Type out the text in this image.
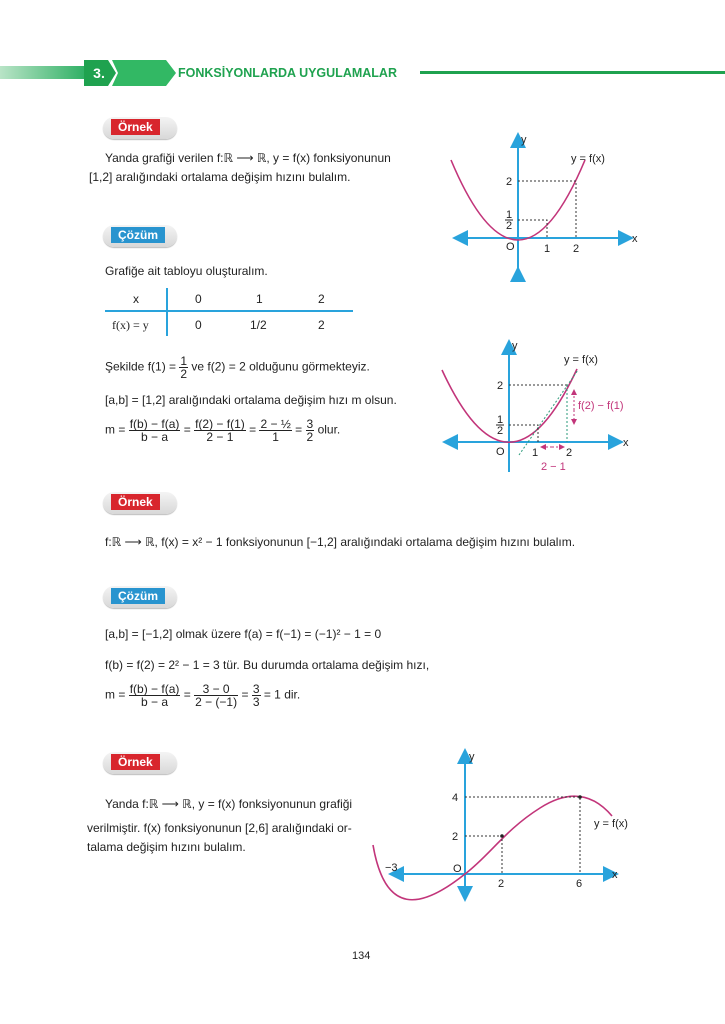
3.	FONKSİYONLARDA UYGULAMALAR
Örnek
Yanda grafiği verilen f:ℝ ⟶ ℝ, y = f(x) fonksiyonunun
[1,2] aralığındaki ortalama değişim hızını bulalım.
Çözüm
Grafiğe ait tabloyu oluşturalım.
x	0	1	2
f(x) = y	0	1/2	2
Şekilde $f(1) = \frac{1}{2}$ ve f(2) = 2 olduğunu görmekteyiz.
[a,b] = [1,2] aralığındaki ortalama değişim hızı m olsun.
$m = \frac{f(b) - f(a)}{b - a} = \frac{f(2) - f(1)}{2 - 1} = \frac{\text{2 − ½}}{1} = \frac{3}{2}$ olur.
Örnek
f:ℝ ⟶ ℝ, f(x) = x² − 1 fonksiyonunun [−1,2] aralığındaki ortalama değişim hızını bulalım.
Çözüm
[a,b] = [−1,2] olmak üzere f(a) = f(−1) = (−1)² − 1 = 0
f(b) = f(2) = 2² − 1 = 3 tür. Bu durumda ortalama değişim hızı,
$m = \frac{f(b) - f(a)}{b - a} = \frac{3 - 0}{2 - (-1)} = \frac{3}{3} = 1$ dir.
Örnek
Yanda f:ℝ ⟶ ℝ, y = f(x) fonksiyonunun grafiği
verilmiştir. f(x) fonksiyonunun [2,6] aralığındaki or-
talama değişim hızını bulalım.
y
x
O
y = f(x)
1 2
2
1
2
y
x
O
y = f(x)
1	2
2
1
2
f(2) − f(1)
2 − 1
y
x
O
y = f(x)
−3
2	6
2
4
134
